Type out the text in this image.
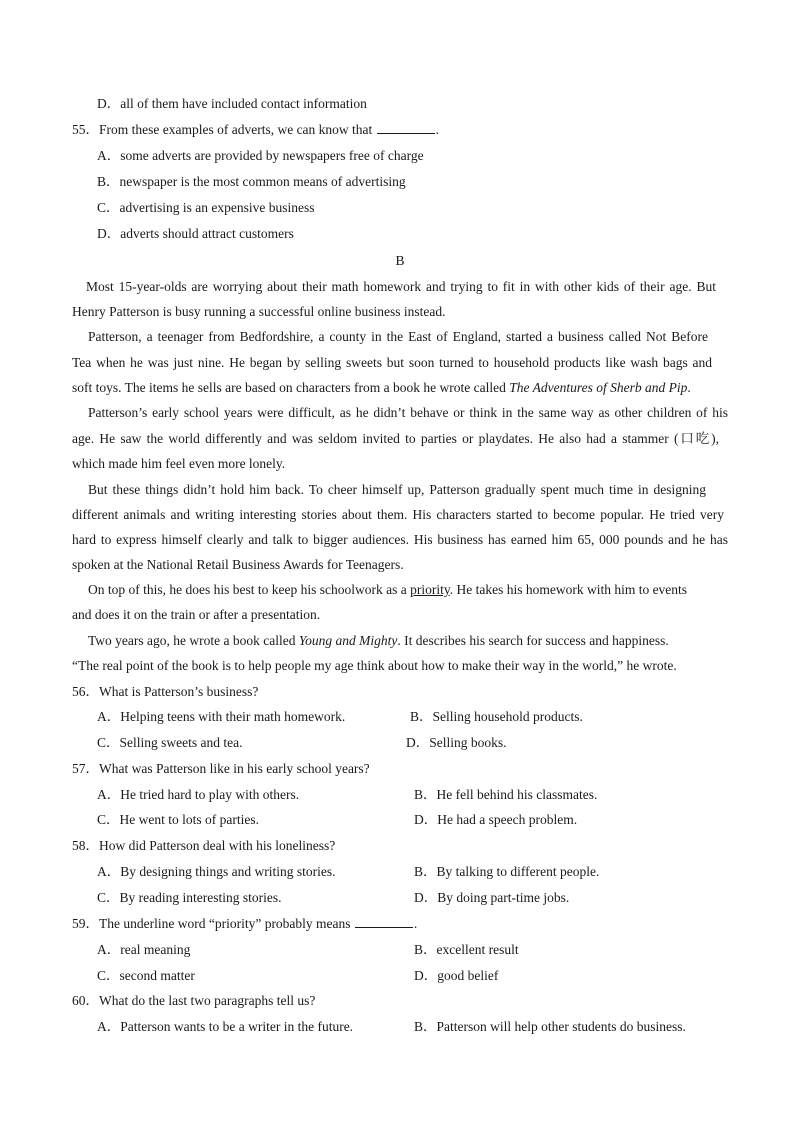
D．all of them have included contact information
55．From these examples of adverts, we can know that	.
A．some adverts are provided by newspapers free of charge
B．newspaper is the most common means of advertising
C．advertising is an expensive business
D．adverts should attract customers
B
Most 15-year-olds are worrying about their math homework and trying to fit in with other kids of their age. But
Henry Patterson is busy running a successful online business instead.
Patterson, a teenager from Bedfordshire, a county in the East of England, started a business called Not Before
Tea when he was just nine. He began by selling sweets but soon turned to household products like wash bags and
soft toys. The items he sells are based on characters from a book he wrote called The Adventures of Sherb and Pip.
Patterson’s early school years were difficult, as he didn’t behave or think in the same way as other children of his
age. He saw the world differently and was seldom invited to parties or playdates. He also had a stammer (口吃),
which made him feel even more lonely.
But these things didn’t hold him back. To cheer himself up, Patterson gradually spent much time in designing
different animals and writing interesting stories about them. His characters started to become popular. He tried very
hard to express himself clearly and talk to bigger audiences. His business has earned him 65, 000 pounds and he has
spoken at the National Retail Business Awards for Teenagers.
On top of this, he does his best to keep his schoolwork as a priority. He takes his homework with him to events
and does it on the train or after a presentation.
Two years ago, he wrote a book called Young and Mighty. It describes his search for success and happiness.
“The real point of the book is to help people my age think about how to make their way in the world,” he wrote.
56．What is Patterson’s business?
A．Helping teens with their math homework.	B．Selling household products.
C．Selling sweets and tea.	D．Selling books.
57．What was Patterson like in his early school years?
A．He tried hard to play with others.	B．He fell behind his classmates.
C．He went to lots of parties.	D．He had a speech problem.
58．How did Patterson deal with his loneliness?
A．By designing things and writing stories.	B．By talking to different people.
C．By reading interesting stories.	D．By doing part-time jobs.
59．The underline word “priority” probably means	.
A．real meaning	B．excellent result
C．second matter	D．good belief
60．What do the last two paragraphs tell us?
A．Patterson wants to be a writer in the future.	B．Patterson will help other students do business.
